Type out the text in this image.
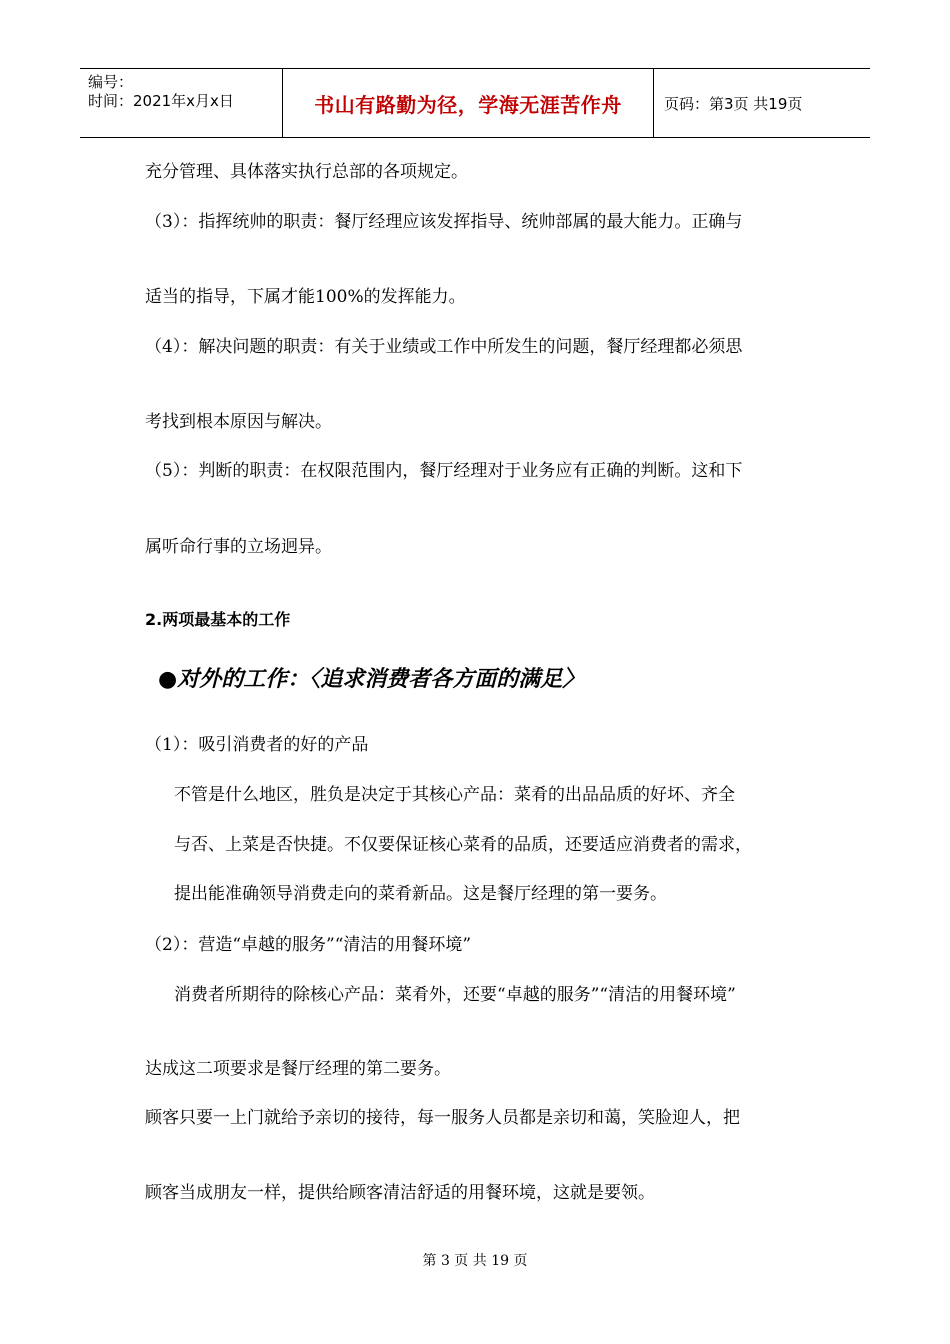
编号：
时间：2021年x月x日	书山有路勤为径，学海无涯苦作舟	页码：第3页 共19页
充分管理、具体落实执行总部的各项规定。
（3）：指挥统帅的职责：餐厅经理应该发挥指导、统帅部属的最大能力。正确与
适当的指导，下属才能100%的发挥能力。
（4）：解决问题的职责：有关于业绩或工作中所发生的问题，餐厅经理都必须思
考找到根本原因与解决。
（5）：判断的职责：在权限范围内，餐厅经理对于业务应有正确的判断。这和下
属听命行事的立场迥异。
2.两项最基本的工作
●对外的工作：〈追求消费者各方面的满足〉
（1）：吸引消费者的好的产品
不管是什么地区，胜负是决定于其核心产品：菜肴的出品品质的好坏、齐全
与否、上菜是否快捷。不仅要保证核心菜肴的品质，还要适应消费者的需求，
提出能准确领导消费走向的菜肴新品。这是餐厅经理的第一要务。
（2）：营造“卓越的服务”“清洁的用餐环境”
消费者所期待的除核心产品：菜肴外，还要“卓越的服务”“清洁的用餐环境”
达成这二项要求是餐厅经理的第二要务。
顾客只要一上门就给予亲切的接待，每一服务人员都是亲切和蔼，笑脸迎人，把
顾客当成朋友一样，提供给顾客清洁舒适的用餐环境，这就是要领。
第 3 页 共 19 页
